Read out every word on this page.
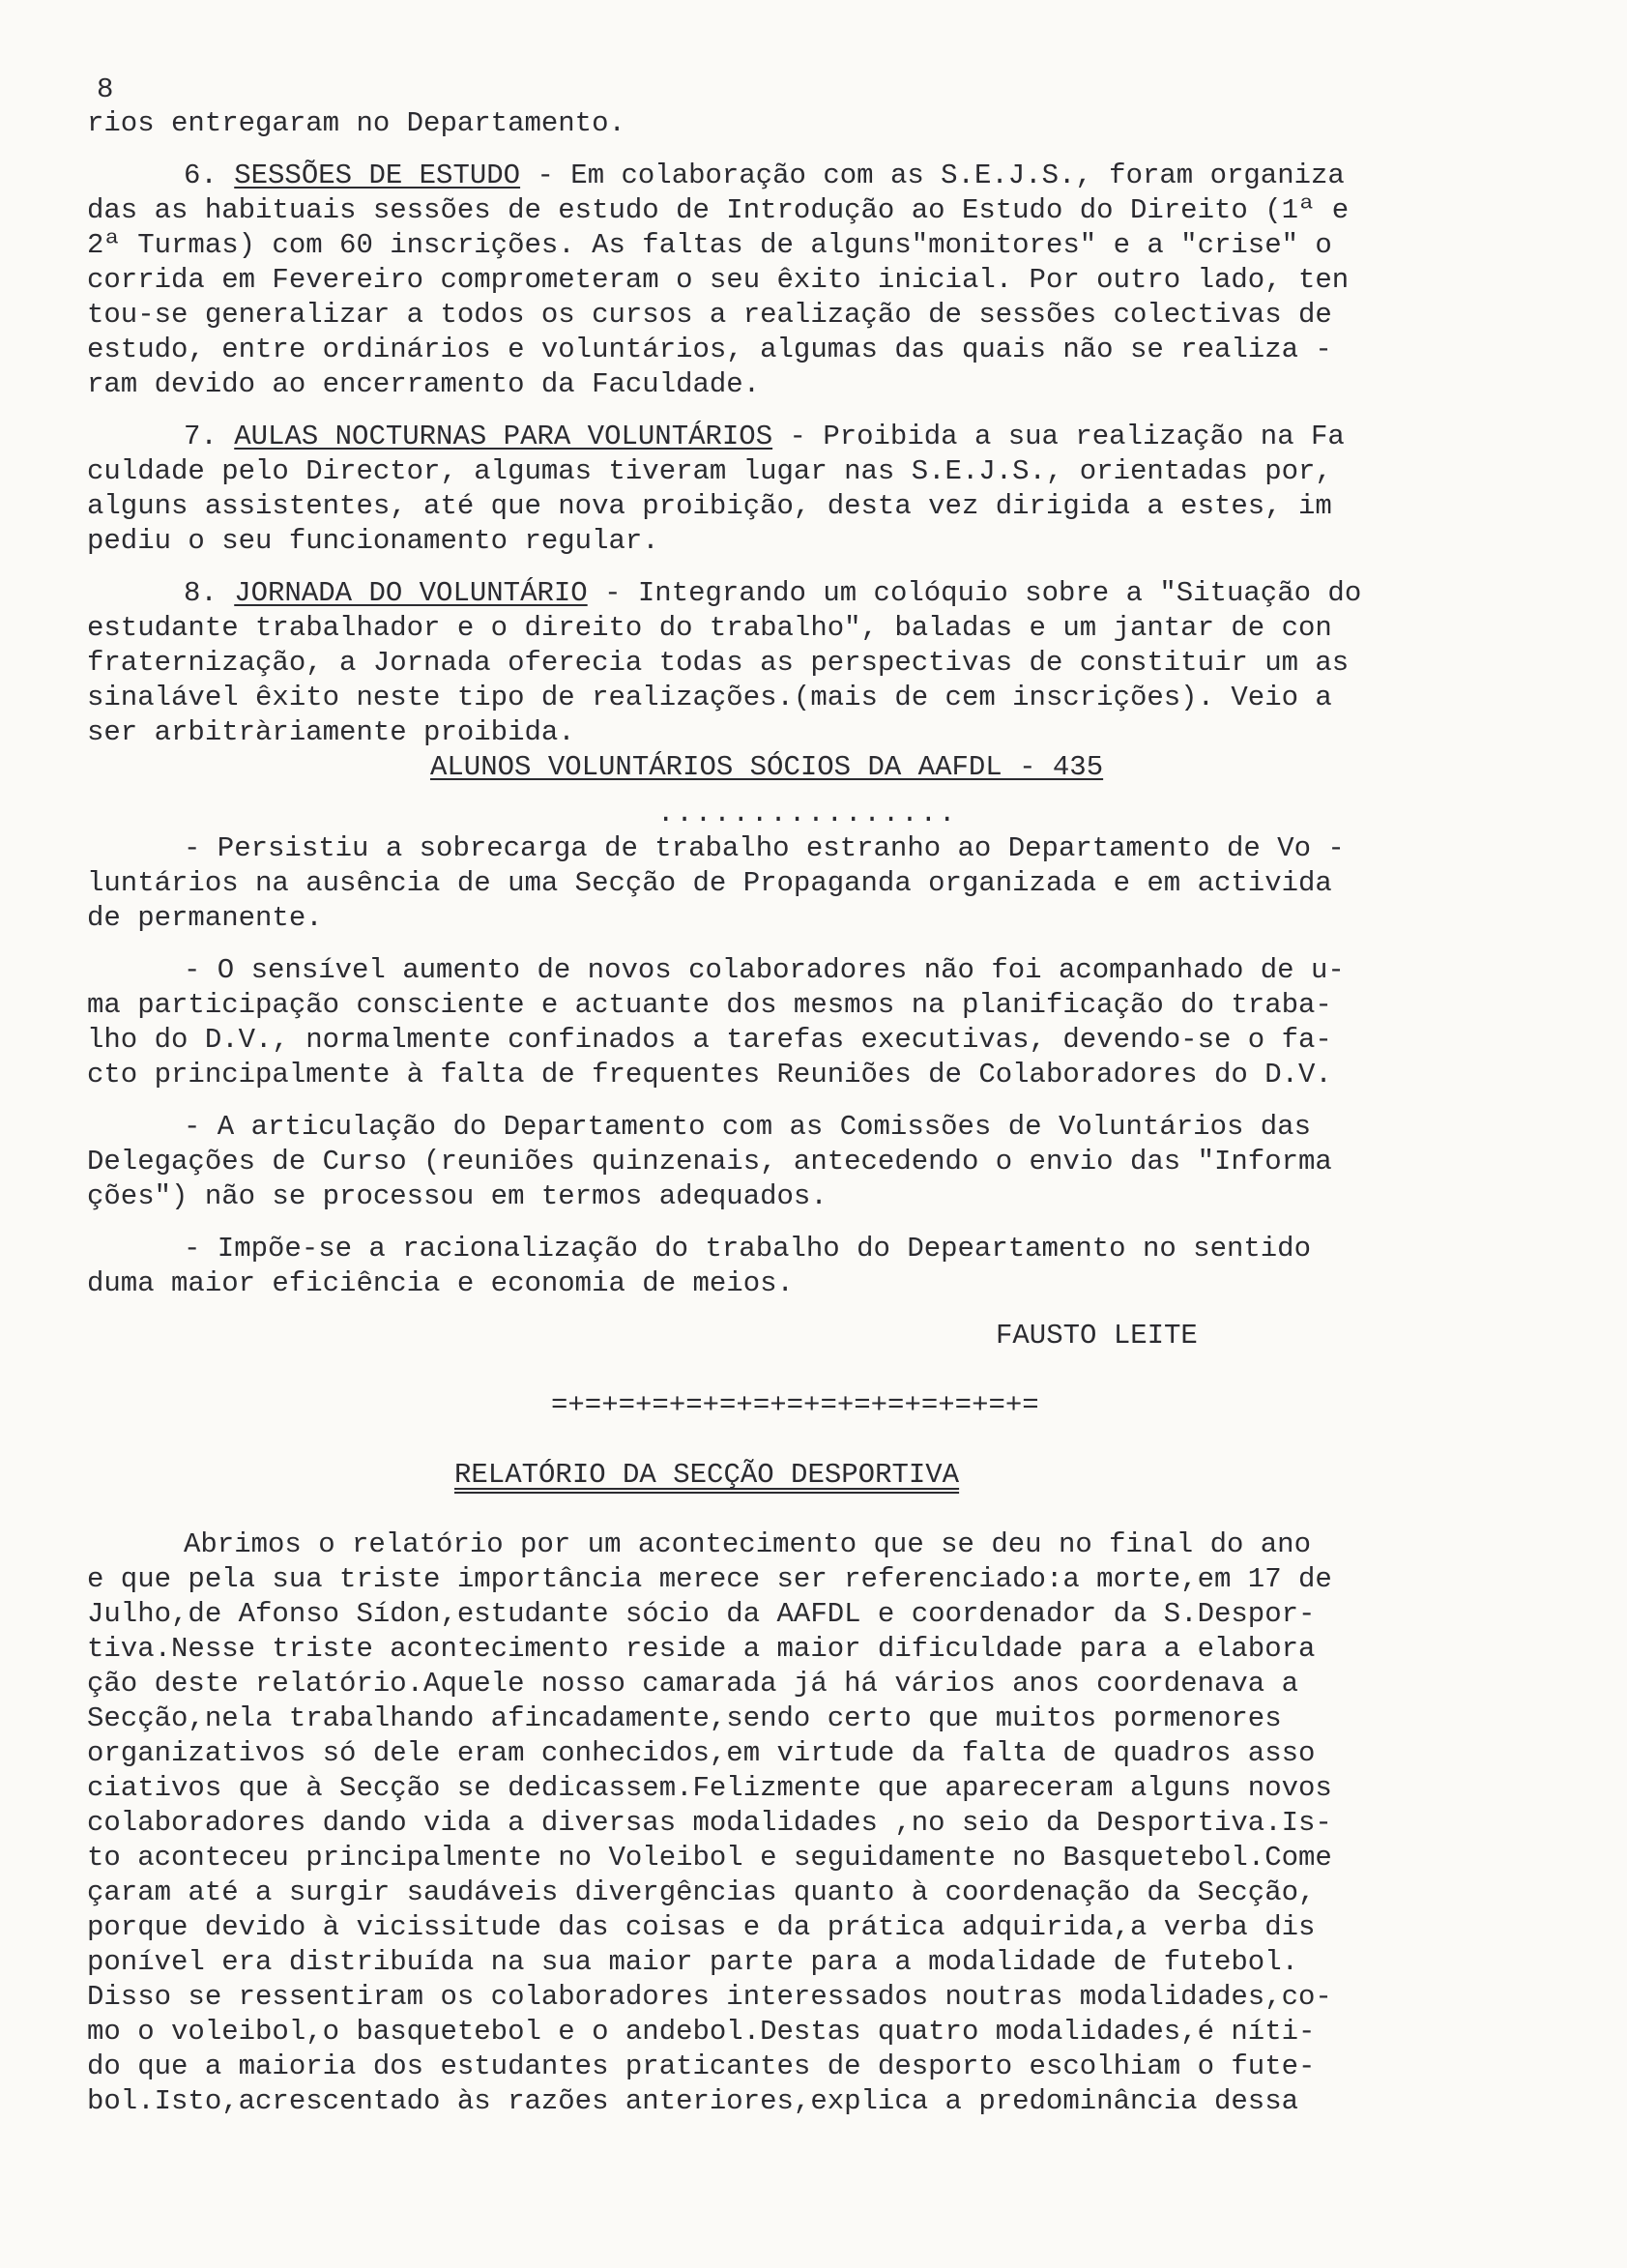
8
rios entregaram no Departamento.
6. SESSÕES DE ESTUDO - Em colaboração com as S.E.J.S., foram organiza
das as habituais sessões de estudo de Introdução ao Estudo do Direito (1ª e
2ª Turmas) com 60 inscrições. As faltas de alguns"monitores" e a "crise" o
corrida em Fevereiro comprometeram o seu êxito inicial. Por outro lado, ten
tou-se generalizar a todos os cursos a realização de sessões colectivas de
estudo, entre ordinários e voluntários, algumas das quais não se realiza -
ram devido ao encerramento da Faculdade.
7. AULAS NOCTURNAS PARA VOLUNTÁRIOS - Proibida a sua realização na Fa
culdade pelo Director, algumas tiveram lugar nas S.E.J.S., orientadas por,
alguns assistentes, até que nova proibição, desta vez dirigida a estes, im
pediu o seu funcionamento regular.
8. JORNADA DO VOLUNTÁRIO - Integrando um colóquio sobre a "Situação do
estudante trabalhador e o direito do trabalho", baladas e um jantar de con
fraternização, a Jornada oferecia todas as perspectivas de constituir um as
sinalável êxito neste tipo de realizações.(mais de cem inscrições). Veio a
ser arbitràriamente proibida.
ALUNOS VOLUNTÁRIOS SÓCIOS DA AAFDL - 435
................
- Persistiu a sobrecarga de trabalho estranho ao Departamento de Vo -
luntários na ausência de uma Secção de Propaganda organizada e em activida
de permanente.
- O sensível aumento de novos colaboradores não foi acompanhado de u-
ma participação consciente e actuante dos mesmos na planificação do traba-
lho do D.V., normalmente confinados a tarefas executivas, devendo-se o fa-
cto principalmente à falta de frequentes Reuniões de Colaboradores do D.V.
- A articulação do Departamento com as Comissões de Voluntários das
Delegações de Curso (reuniões quinzenais, antecedendo o envio das "Informa
ções") não se processou em termos adequados.
- Impõe-se a racionalização do trabalho do Depeartamento no sentido
duma maior eficiência e economia de meios.
FAUSTO LEITE
=+=+=+=+=+=+=+=+=+=+=+=+=+=+=
RELATÓRIO DA SECÇÃO DESPORTIVA
Abrimos o relatório por um acontecimento que se deu no final do ano
e que pela sua triste importância merece ser referenciado:a morte,em 17 de
Julho,de Afonso Sídon,estudante sócio da AAFDL e coordenador da S.Despor-
tiva.Nesse triste acontecimento reside a maior dificuldade para a elabora
ção deste relatório.Aquele nosso camarada já há vários anos coordenava a
Secção,nela trabalhando afincadamente,sendo certo que muitos pormenores
organizativos só dele eram conhecidos,em virtude da falta de quadros asso
ciativos que à Secção se dedicassem.Felizmente que apareceram alguns novos
colaboradores dando vida a diversas modalidades ,no seio da Desportiva.Is-
to aconteceu principalmente no Voleibol e seguidamente no Basquetebol.Come
çaram até a surgir saudáveis divergências quanto à coordenação da Secção,
porque devido à vicissitude das coisas e da prática adquirida,a verba dis
ponível era distribuída na sua maior parte para a modalidade de futebol.
Disso se ressentiram os colaboradores interessados noutras modalidades,co-
mo o voleibol,o basquetebol e o andebol.Destas quatro modalidades,é níti-
do que a maioria dos estudantes praticantes de desporto escolhiam o fute-
bol.Isto,acrescentado às razões anteriores,explica a predominância dessa
